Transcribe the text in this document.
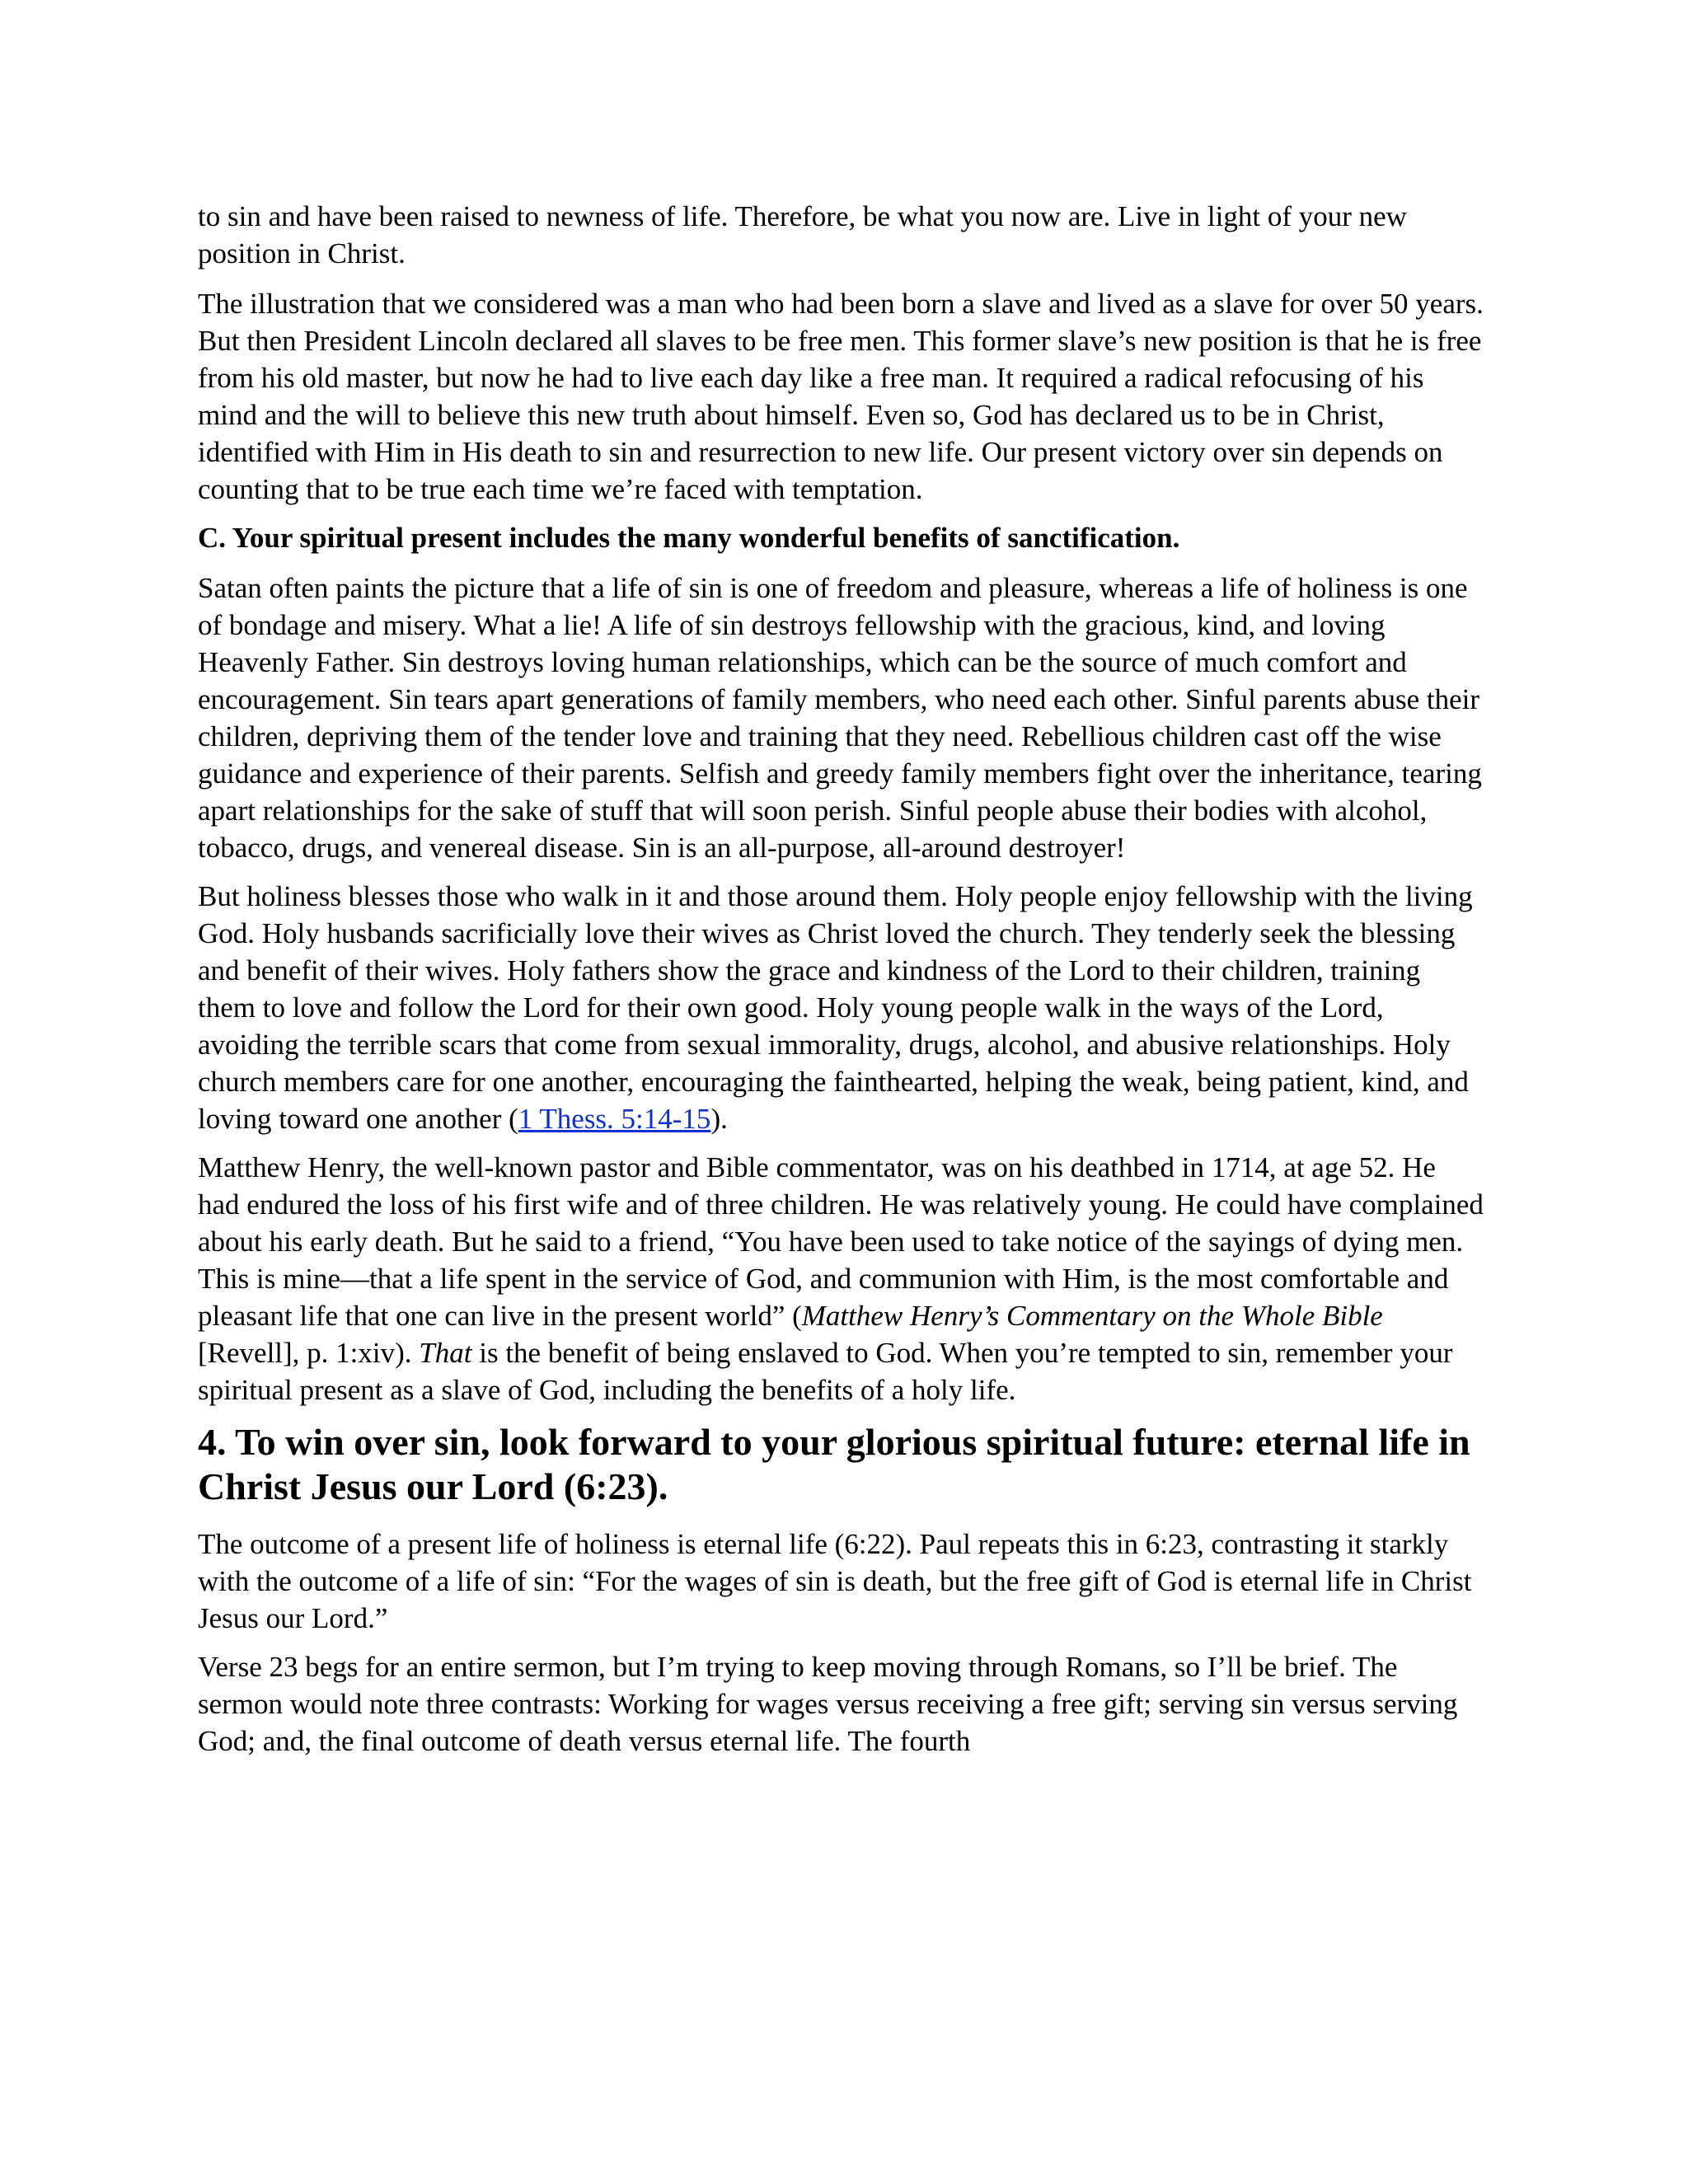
to sin and have been raised to newness of life. Therefore, be what you now are. Live in light of your new position in Christ.

The illustration that we considered was a man who had been born a slave and lived as a slave for over 50 years. But then President Lincoln declared all slaves to be free men. This former slave’s new position is that he is free from his old master, but now he had to live each day like a free man. It required a radical refocusing of his mind and the will to believe this new truth about himself. Even so, God has declared us to be in Christ, identified with Him in His death to sin and resurrection to new life. Our present victory over sin depends on counting that to be true each time we’re faced with temptation.

C. Your spiritual present includes the many wonderful benefits of sanctification.

Satan often paints the picture that a life of sin is one of freedom and pleasure, whereas a life of holiness is one of bondage and misery. What a lie! A life of sin destroys fellowship with the gracious, kind, and loving Heavenly Father. Sin destroys loving human relationships, which can be the source of much comfort and encouragement. Sin tears apart generations of family members, who need each other. Sinful parents abuse their children, depriving them of the tender love and training that they need. Rebellious children cast off the wise guidance and experience of their parents. Selfish and greedy family members fight over the inheritance, tearing apart relationships for the sake of stuff that will soon perish. Sinful people abuse their bodies with alcohol, tobacco, drugs, and venereal disease. Sin is an all-purpose, all-around destroyer!

But holiness blesses those who walk in it and those around them. Holy people enjoy fellowship with the living God. Holy husbands sacrificially love their wives as Christ loved the church. They tenderly seek the blessing and benefit of their wives. Holy fathers show the grace and kindness of the Lord to their children, training them to love and follow the Lord for their own good. Holy young people walk in the ways of the Lord, avoiding the terrible scars that come from sexual immorality, drugs, alcohol, and abusive relationships. Holy church members care for one another, encouraging the fainthearted, helping the weak, being patient, kind, and loving toward one another (1 Thess. 5:14-15).

Matthew Henry, the well-known pastor and Bible commentator, was on his deathbed in 1714, at age 52. He had endured the loss of his first wife and of three children. He was relatively young. He could have complained about his early death. But he said to a friend, “You have been used to take notice of the sayings of dying men. This is mine—that a life spent in the service of God, and communion with Him, is the most comfortable and pleasant life that one can live in the present world” (Matthew Henry’s Commentary on the Whole Bible [Revell], p. 1:xiv). That is the benefit of being enslaved to God. When you’re tempted to sin, remember your spiritual present as a slave of God, including the benefits of a holy life.

4. To win over sin, look forward to your glorious spiritual future: eternal life in Christ Jesus our Lord (6:23).

The outcome of a present life of holiness is eternal life (6:22). Paul repeats this in 6:23, contrasting it starkly with the outcome of a life of sin: “For the wages of sin is death, but the free gift of God is eternal life in Christ Jesus our Lord.”

Verse 23 begs for an entire sermon, but I’m trying to keep moving through Romans, so I’ll be brief. The sermon would note three contrasts: Working for wages versus receiving a free gift; serving sin versus serving God; and, the final outcome of death versus eternal life. The fourth
